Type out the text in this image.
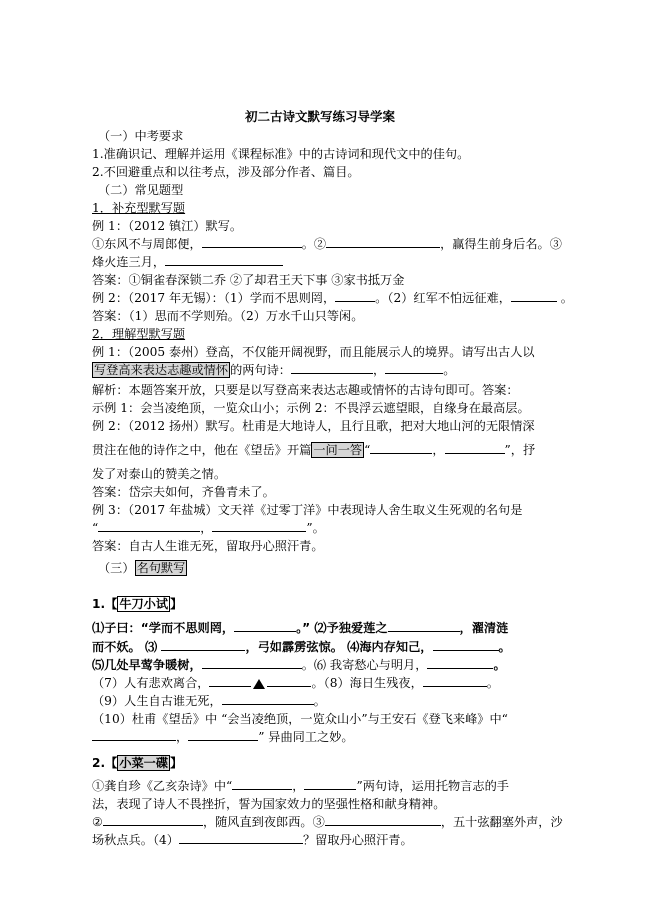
初二古诗文默写练习导学案
（一）中考要求
1.准确识记、理解并运用《课程标准》中的古诗词和现代文中的佳句。
2.不回避重点和以往考点，涉及部分作者、篇目。
（二）常见题型
1．补充型默写题
例 1：（2012 镇江）默写。
①东风不与周郎便，	。②	，赢得生前身后名。③
烽火连三月，
答案：①铜雀春深锁二乔 ②了却君王天下事 ③家书抵万金
例 2：（2017 年无锡）：（1）学而不思则罔，	。（2）红军不怕远征难，	。
答案：（1）思而不学则殆。（2）万水千山只等闲。
2．理解型默写题
例 1：（2005 泰州）登高，不仅能开阔视野，而且能展示人的境界。请写出古人以
写登高来表达志趣或情怀 的两句诗：	，	。
解析：本题答案开放，只要是以写登高来表达志趣或情怀的古诗句即可。答案：
示例 1：会当凌绝顶，一览众山小；示例 2：不畏浮云遮望眼，自缘身在最高层。
例 2：（2012 扬州）默写。杜甫是大地诗人，且行且歌，把对大地山河的无限情深
贯注在他的诗作之中，他在《望岳》开篇 一问一答 “	，	”，抒
发了对泰山的赞美之情。
答案：岱宗夫如何，齐鲁青未了。
例 3：（2017 年盐城）文天祥《过零丁洋》中表现诗人舍生取义生死观的名句是
“	，	”。
答案：自古人生谁无死，留取丹心照汗青。
（三） 名句默写
1.【 牛刀小试 】
⑴子曰：“学而不思则罔，	。” ⑵予独爱莲之	，濯清涟
而不妖。 ⑶	，弓如霹雳弦惊。 ⑷海内存知己，	。
⑸几处早莺争暖树，	。⑹ 我寄愁心与明月，	。
（7）人有悲欢离合，	。（8）海日生残夜，	。
（9）人生自古谁无死，	。
（10）杜甫《望岳》中 “会当凌绝顶，一览众山小”与王安石《登飞来峰》中“
，	” 异曲同工之妙。
2.【 小菜一碟 】
①龚自珍《乙亥杂诗》中“	，	”两句诗，运用托物言志的手
法，表现了诗人不畏挫折，誓为国家效力的坚强性格和献身精神。
②	，随风直到夜郎西。③	，五十弦翻塞外声，沙
场秋点兵。（4）	？留取丹心照汗青。
